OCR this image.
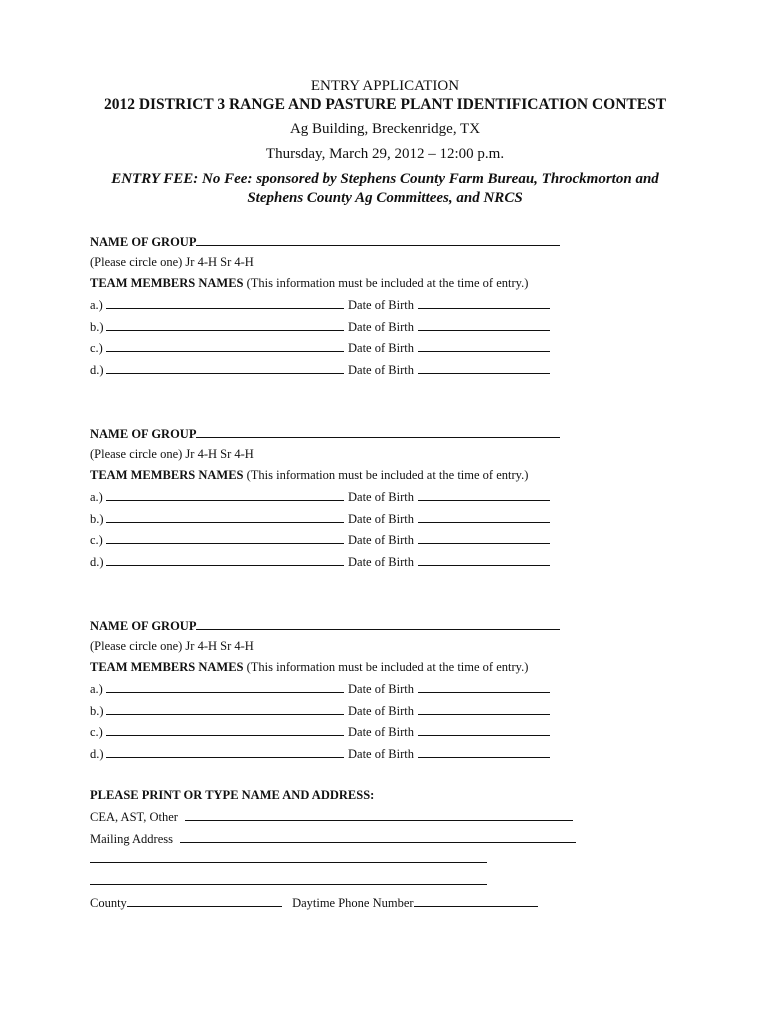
ENTRY APPLICATION
2012 DISTRICT 3 RANGE AND PASTURE PLANT IDENTIFICATION CONTEST
Ag Building, Breckenridge, TX
Thursday, March 29, 2012 – 12:00 p.m.
ENTRY FEE: No Fee: sponsored by Stephens County Farm Bureau, Throckmorton and
Stephens County Ag Committees, and NRCS
NAME OF GROUP
(Please circle one) Jr 4-H Sr 4-H
TEAM MEMBERS NAMES (This information must be included at the time of entry.)
a.)	Date of Birth
b.)	Date of Birth
c.)	Date of Birth
d.)	Date of Birth
NAME OF GROUP
(Please circle one) Jr 4-H Sr 4-H
TEAM MEMBERS NAMES (This information must be included at the time of entry.)
a.)	Date of Birth
b.)	Date of Birth
c.)	Date of Birth
d.)	Date of Birth
NAME OF GROUP
(Please circle one) Jr 4-H Sr 4-H
TEAM MEMBERS NAMES (This information must be included at the time of entry.)
a.)	Date of Birth
b.)	Date of Birth
c.)	Date of Birth
d.)	Date of Birth
PLEASE PRINT OR TYPE NAME AND ADDRESS:
CEA, AST, Other
Mailing Address
County	Daytime Phone Number
